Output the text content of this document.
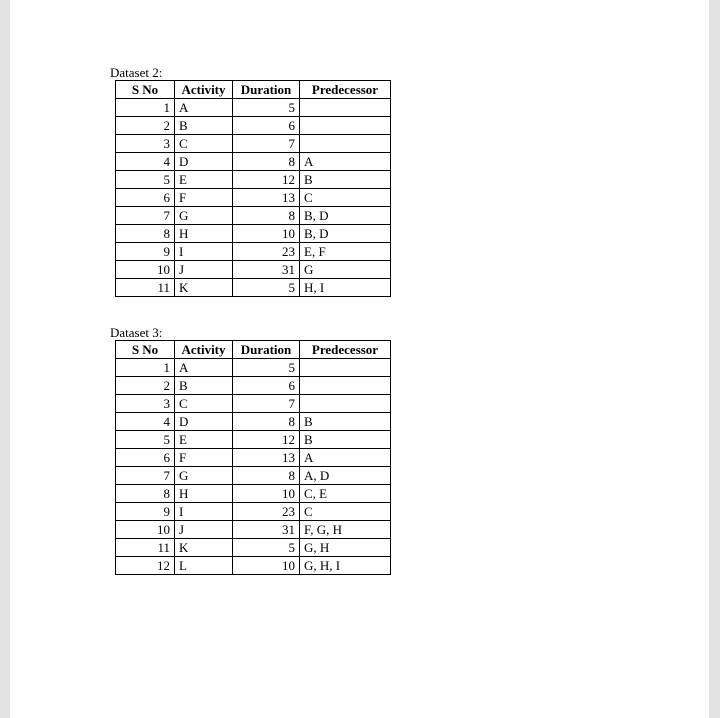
Dataset 2:
S No	Activity	Duration	Predecessor
1	A	5	
2	B	6	
3	C	7	
4	D	8	A
5	E	12	B
6	F	13	C
7	G	8	B, D
8	H	10	B, D
9	I	23	E, F
10	J	31	G
11	K	5	H, I
Dataset 3:
S No	Activity	Duration	Predecessor
1	A	5	
2	B	6	
3	C	7	
4	D	8	B
5	E	12	B
6	F	13	A
7	G	8	A, D
8	H	10	C, E
9	I	23	C
10	J	31	F, G, H
11	K	5	G, H
12	L	10	G, H, I
